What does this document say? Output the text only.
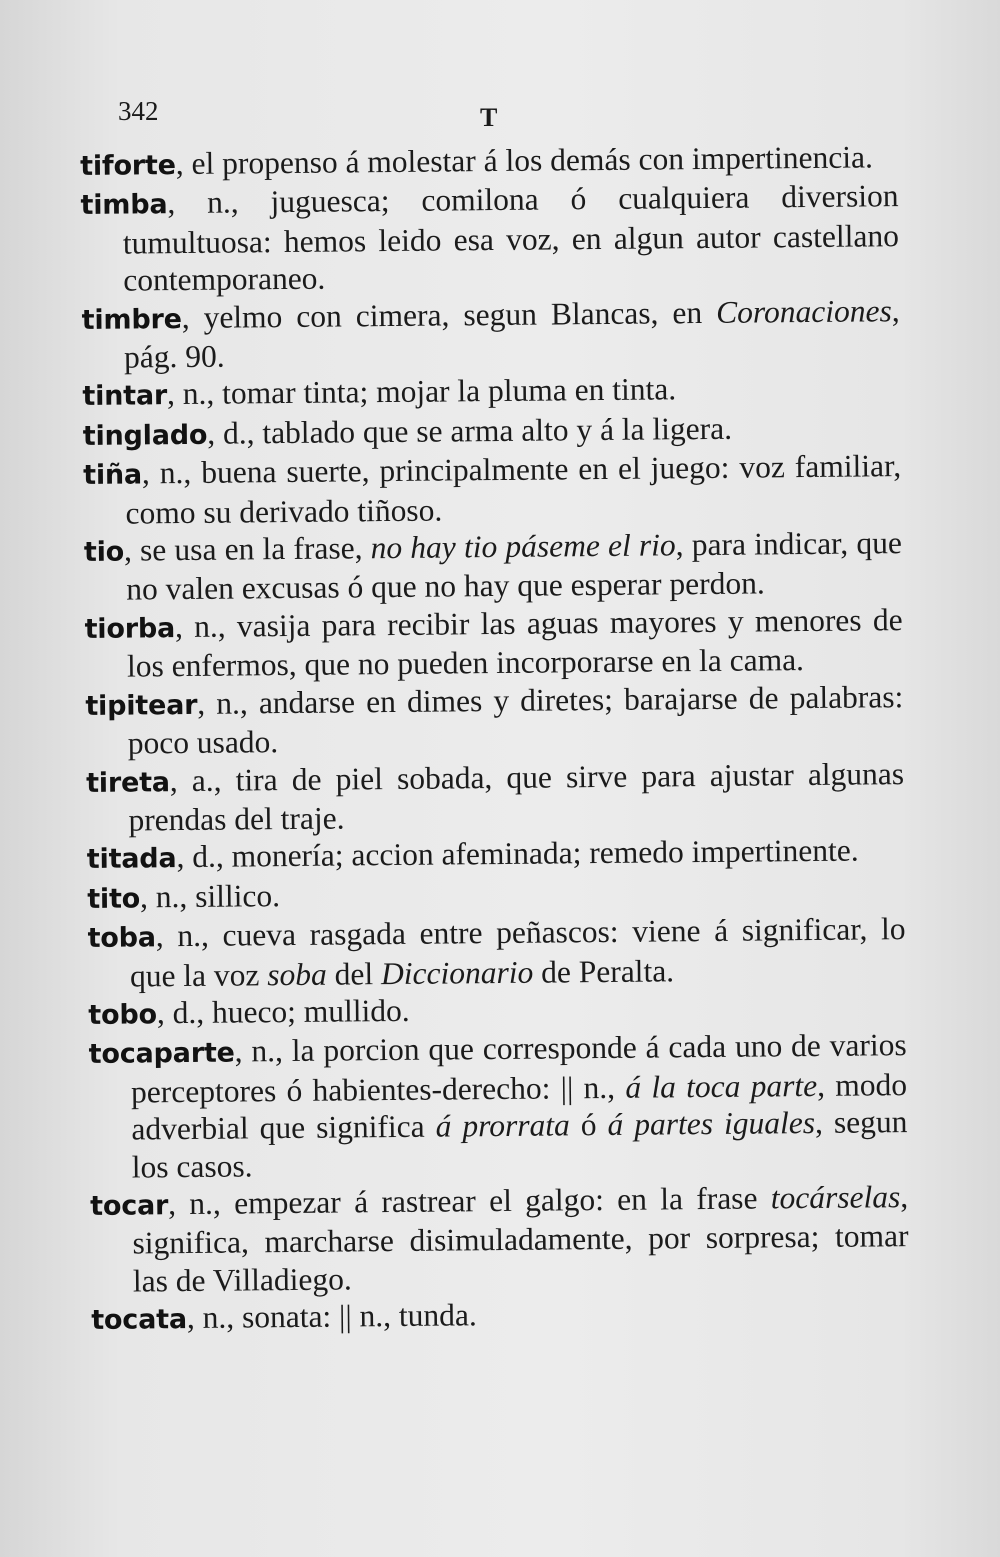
342	T

tiforte, el propenso á molestar á los demás con impertinencia.

timba, n., juguesca; comilona ó cualquiera diversion tumultuosa: hemos leido esa voz, en algun autor castellano contemporaneo.

timbre, yelmo con cimera, segun Blancas, en Coronaciones, pág. 90.

tintar, n., tomar tinta; mojar la pluma en tinta.

tinglado, d., tablado que se arma alto y á la ligera.

tiña, n., buena suerte, principalmente en el juego: voz familiar, como su derivado tiñoso.

tio, se usa en la frase, no hay tio páseme el rio, para indicar, que no valen excusas ó que no hay que esperar perdon.

tiorba, n., vasija para recibir las aguas mayores y menores de los enfermos, que no pueden incorporarse en la cama.

tipitear, n., andarse en dimes y diretes; barajarse de palabras: poco usado.

tireta, a., tira de piel sobada, que sirve para ajustar algunas prendas del traje.

titada, d., monería; accion afeminada; remedo impertinente.

tito, n., sillico.

toba, n., cueva rasgada entre peñascos: viene á significar, lo que la voz soba del Diccionario de Peralta.

tobo, d., hueco; mullido.

tocaparte, n., la porcion que corresponde á cada uno de varios perceptores ó habientes-derecho: || n., á la toca parte, modo adverbial que significa á prorrata ó á partes iguales, segun los casos.

tocar, n., empezar á rastrear el galgo: en la frase tocárselas, significa, marcharse disimuladamente, por sorpresa; tomar las de Villadiego.

tocata, n., sonata: || n., tunda.
